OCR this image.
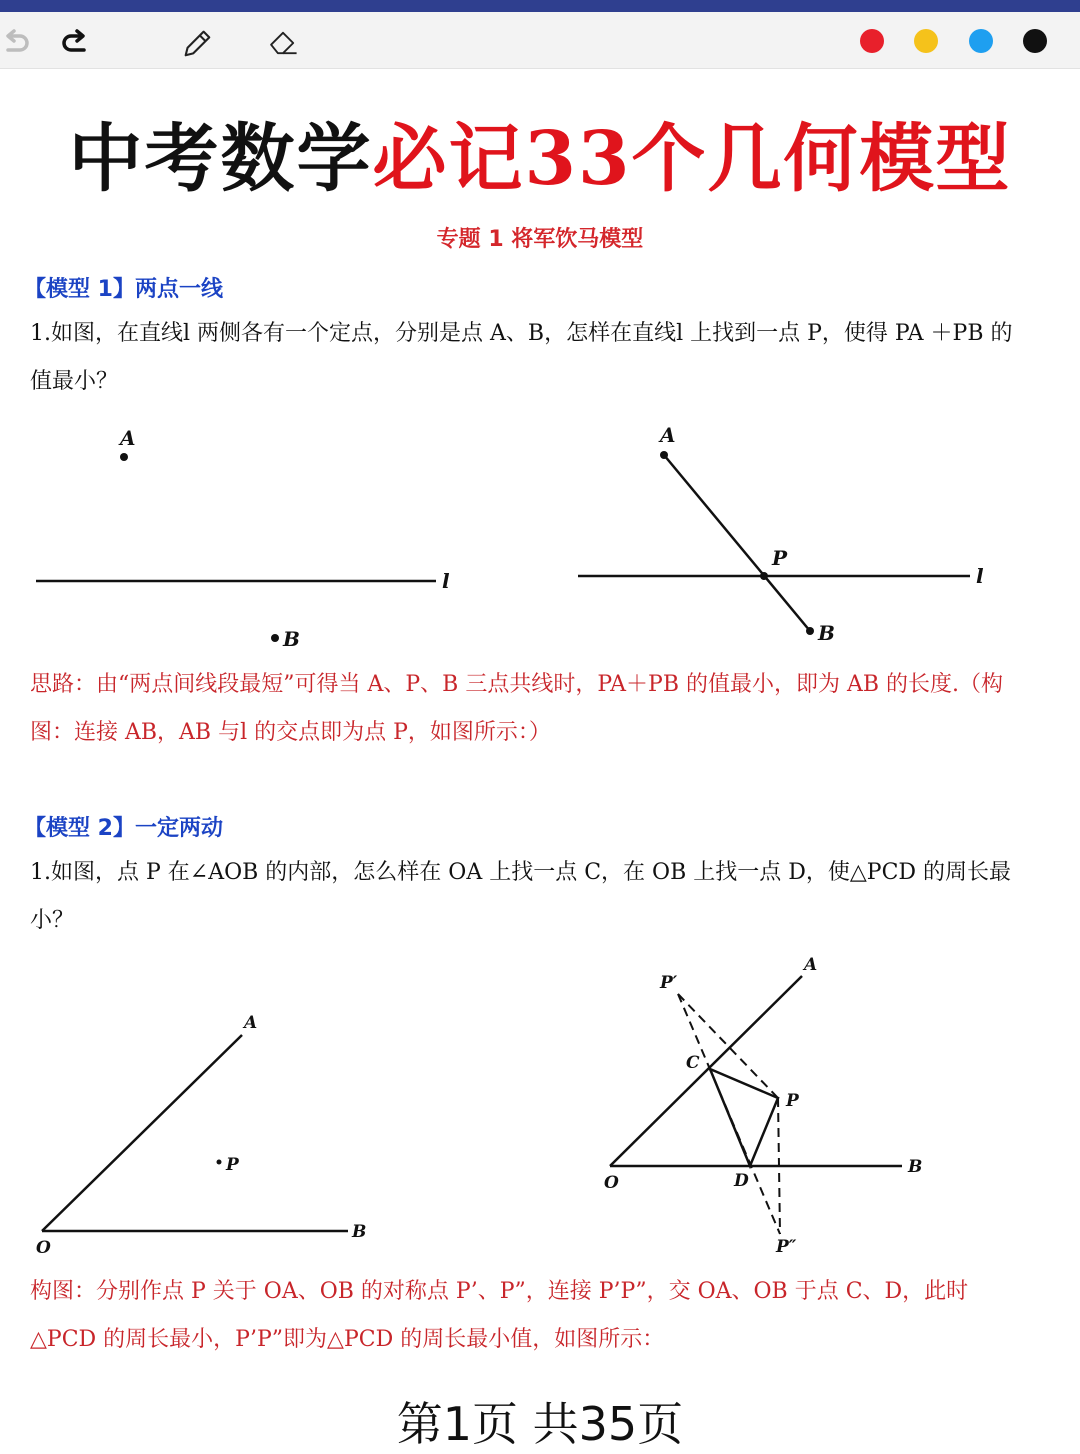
中考数学必记33个几何模型
专题 1 将军饮马模型
【模型 1】两点一线
1.如图，在直线l 两侧各有一个定点，分别是点 A、B，怎样在直线l 上找到一点 P，使得 PA ＋PB 的值最小？
A
B
l
A
B
P
l
思路：由“两点间线段最短”可得当 A、P、B 三点共线时，PA＋PB 的值最小，即为 AB 的长度.（构图：连接 AB，AB 与l 的交点即为点 P，如图所示：）
【模型 2】一定两动
1.如图，点 P 在∠AOB 的内部，怎么样在 OA 上找一点 C，在 OB 上找一点 D，使△PCD 的周长最小？
A
B
O
P
A
B
O
P
C
D
P′
P″
构图：分别作点 P 关于 OA、OB 的对称点 P’、P”，连接 P’P”，交 OA、OB 于点 C、D，此时△PCD 的周长最小，P’P”即为△PCD 的周长最小值，如图所示：
第1页 共35页
